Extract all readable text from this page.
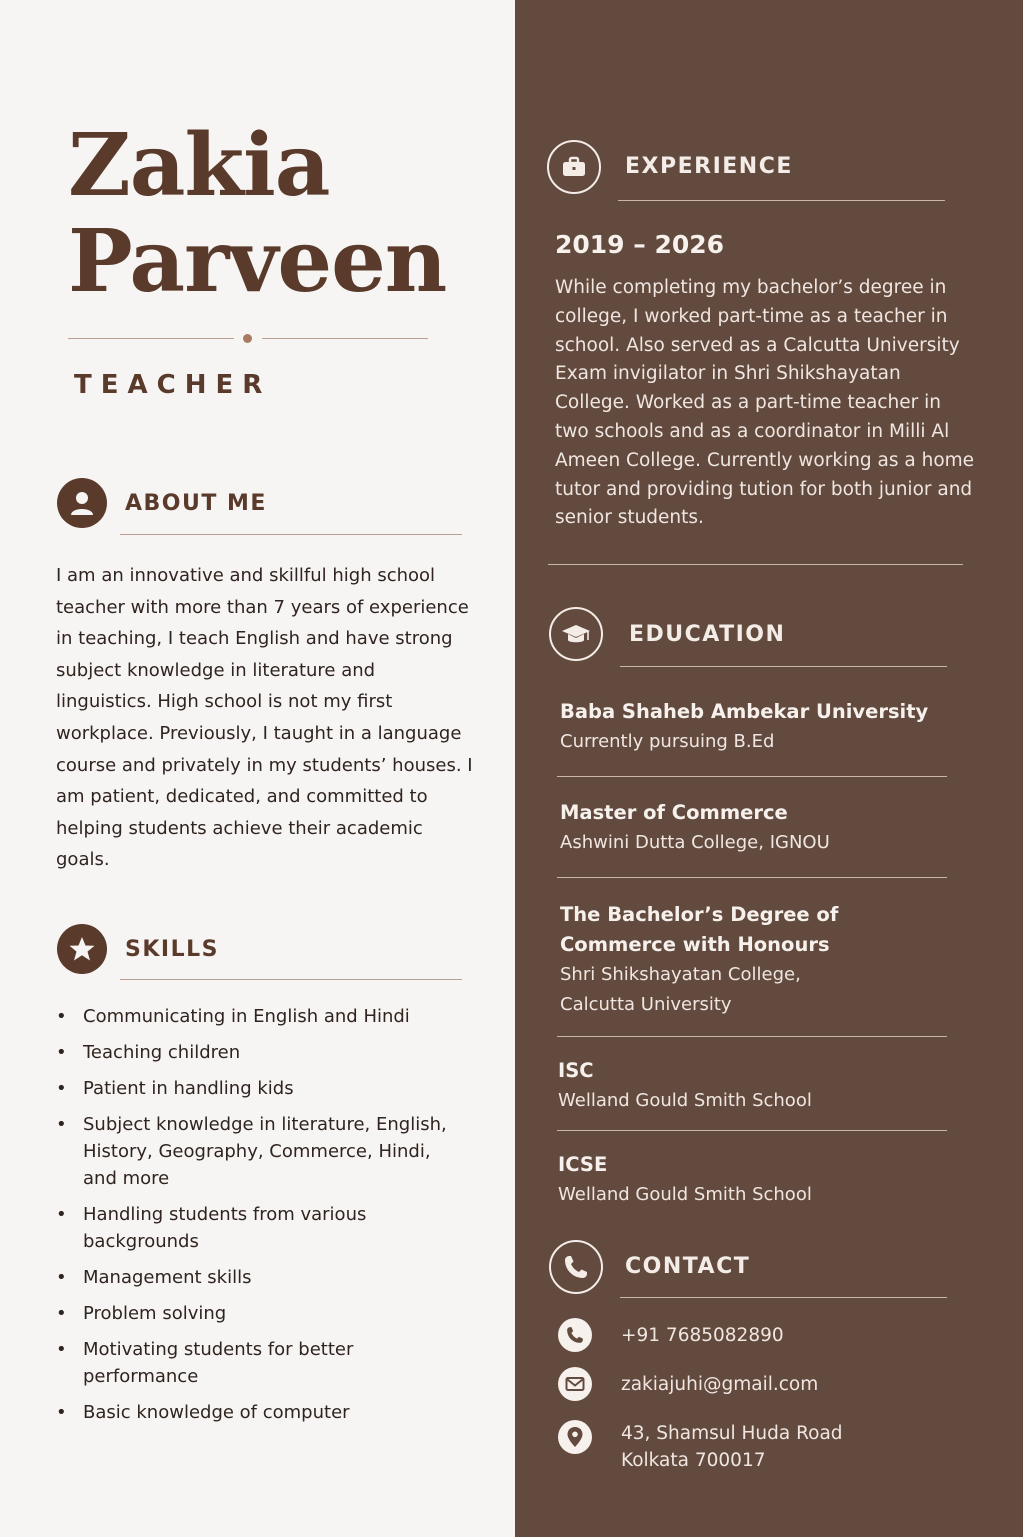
Zakia
Parveen
TEACHER
ABOUT ME

I am an innovative and skillful high school teacher with more than 7 years of experience in teaching, I teach English and have strong subject knowledge in literature and linguistics. High school is not my first workplace. Previously, I taught in a language course and privately in my students’ houses. I am patient, dedicated, and committed to helping students achieve their academic goals.

SKILLS
• Communicating in English and Hindi
• Teaching children
• Patient in handling kids
• Subject knowledge in literature, English, History, Geography, Commerce, Hindi, and more
• Handling students from various backgrounds
• Management skills
• Problem solving
• Motivating students for better performance
• Basic knowledge of computer
EXPERIENCE
2019 – 2026

While completing my bachelor’s degree in college, I worked part-time as a teacher in school. Also served as a Calcutta University Exam invigilator in Shri Shikshayatan College. Worked as a part-time teacher in two schools and as a coordinator in Milli Al Ameen College. Currently working as a home tutor and providing tution for both junior and senior students.

EDUCATION
Baba Shaheb Ambekar University
Currently pursuing B.Ed
Master of Commerce
Ashwini Dutta College, IGNOU
The Bachelor’s Degree of Commerce with Honours
Shri Shikshayatan College, Calcutta University
ISC
Welland Gould Smith School
ICSE
Welland Gould Smith School
CONTACT
+91 7685082890
zakiajuhi@gmail.com
43, Shamsul Huda Road
Kolkata 700017
